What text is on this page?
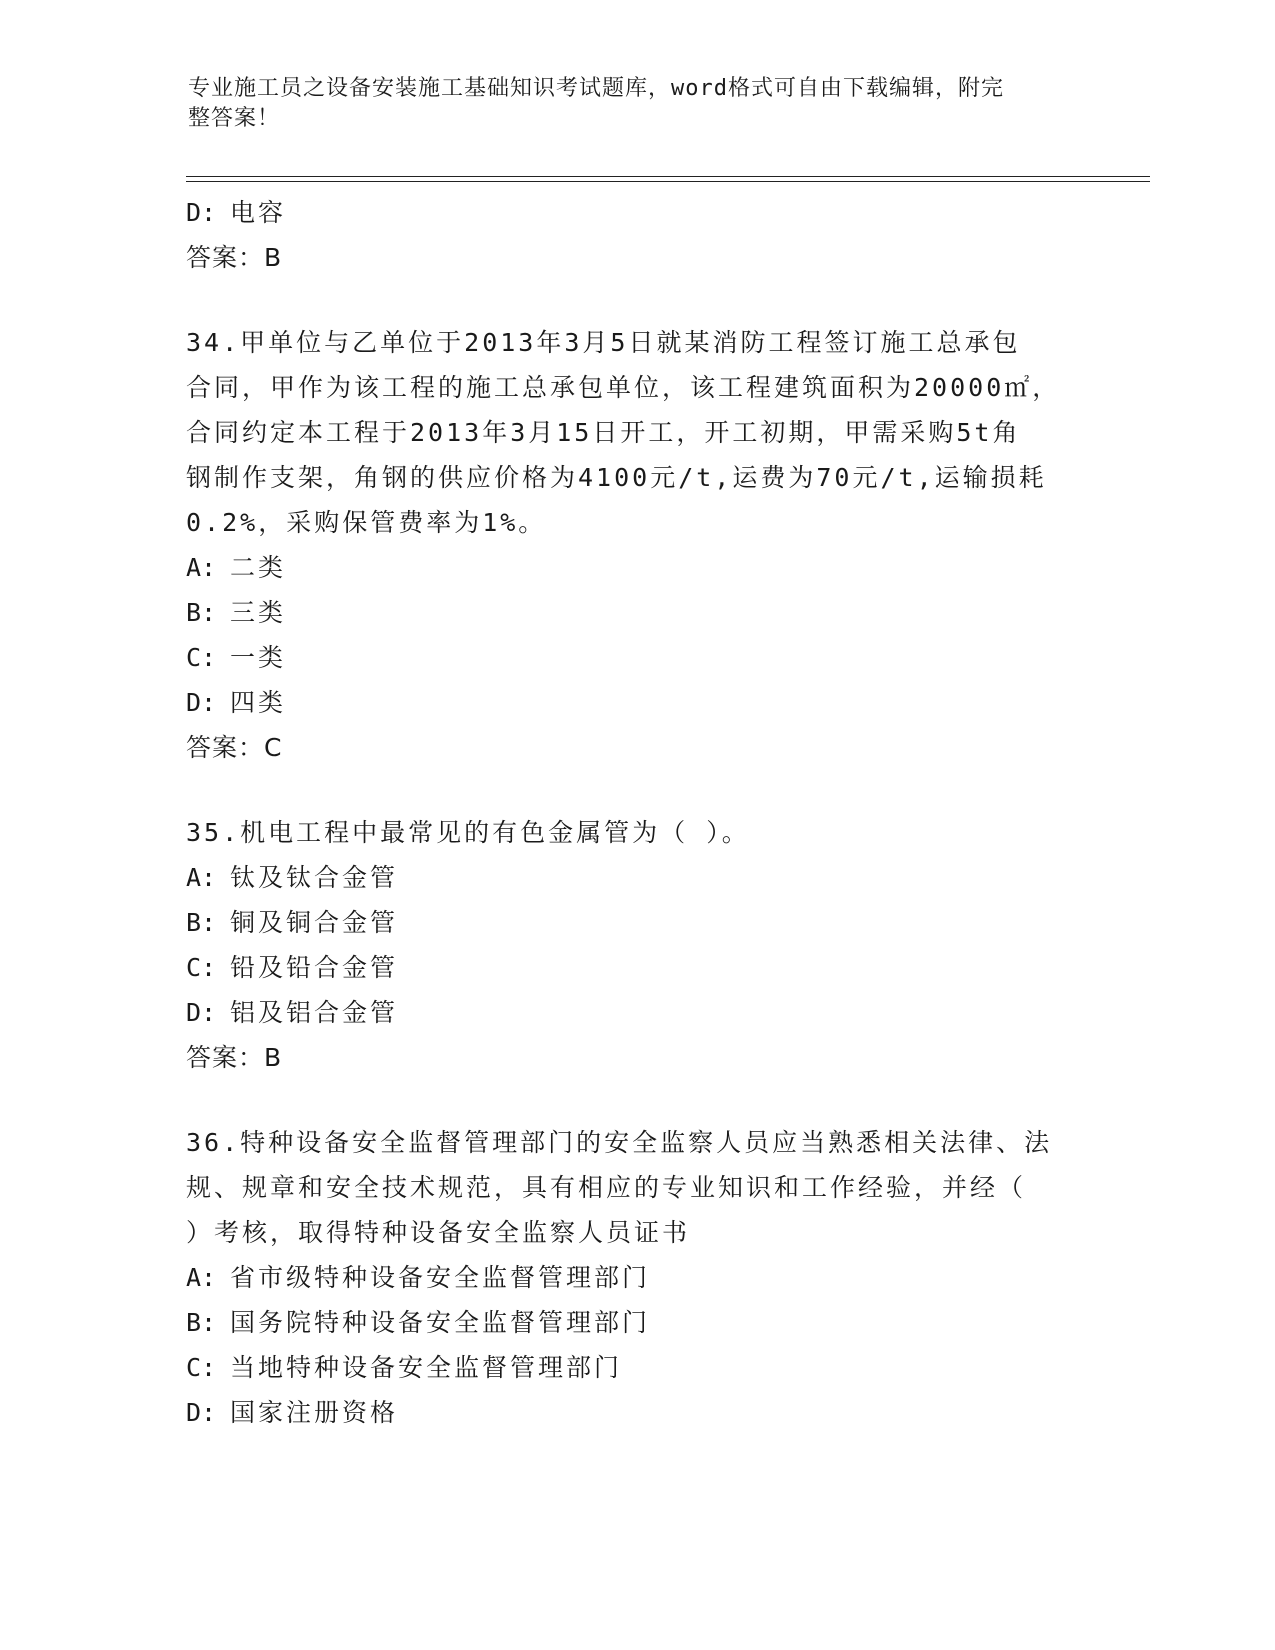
专业施工员之设备安装施工基础知识考试题库，word格式可自由下载编辑，附完
整答案！
D: 电容
答案：B
34.甲单位与乙单位于2013年3月5日就某消防工程签订施工总承包
合同，甲作为该工程的施工总承包单位，该工程建筑面积为20000㎡，
合同约定本工程于2013年3月15日开工，开工初期，甲需采购5t角
钢制作支架，角钢的供应价格为4100元/t,运费为70元/t,运输损耗
0.2%，采购保管费率为1%。
A: 二类
B: 三类
C: 一类
D: 四类
答案：C
35.机电工程中最常见的有色金属管为（ ）。
A: 钛及钛合金管
B: 铜及铜合金管
C: 铅及铅合金管
D: 铝及铝合金管
答案：B
36.特种设备安全监督管理部门的安全监察人员应当熟悉相关法律、法
规、规章和安全技术规范，具有相应的专业知识和工作经验，并经（
）考核，取得特种设备安全监察人员证书
A: 省市级特种设备安全监督管理部门
B: 国务院特种设备安全监督管理部门
C: 当地特种设备安全监督管理部门
D: 国家注册资格
